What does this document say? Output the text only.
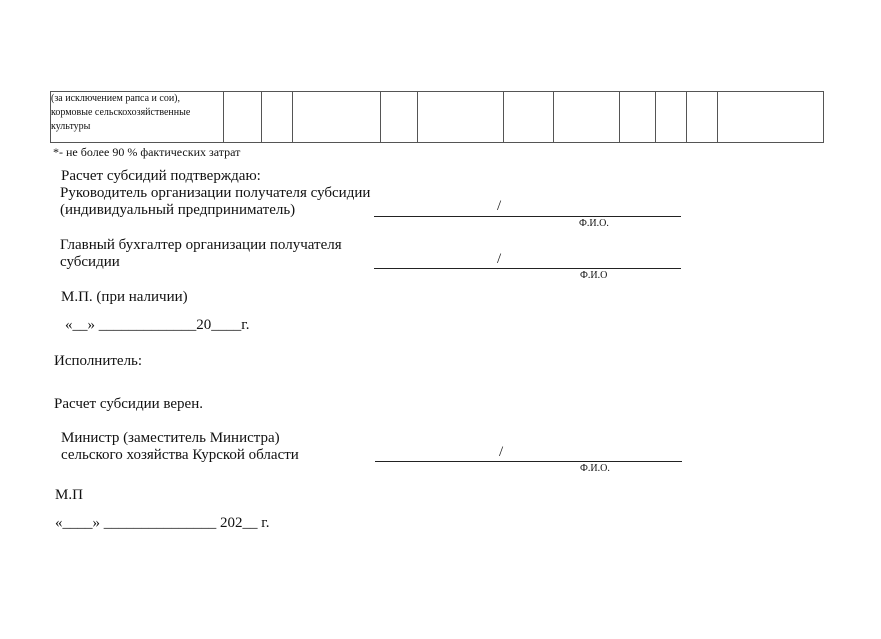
(за исключением рапса и сои),
кормовые сельскохозяйственные
культуры

*- не более 90 % фактических затрат
Расчет субсидий подтверждаю:
Руководитель организации получателя субсидии
(индивидуальный предприниматель)	/
Ф.И.О.
Главный бухгалтер организации получателя
субсидии	/
Ф.И.О
М.П. (при наличии)
«__» _____________20____г.
Исполнитель:
Расчет субсидии верен.
Министр (заместитель Министра)
сельского хозяйства Курской области	/
Ф.И.О.
М.П
«____» _______________ 202__ г.
